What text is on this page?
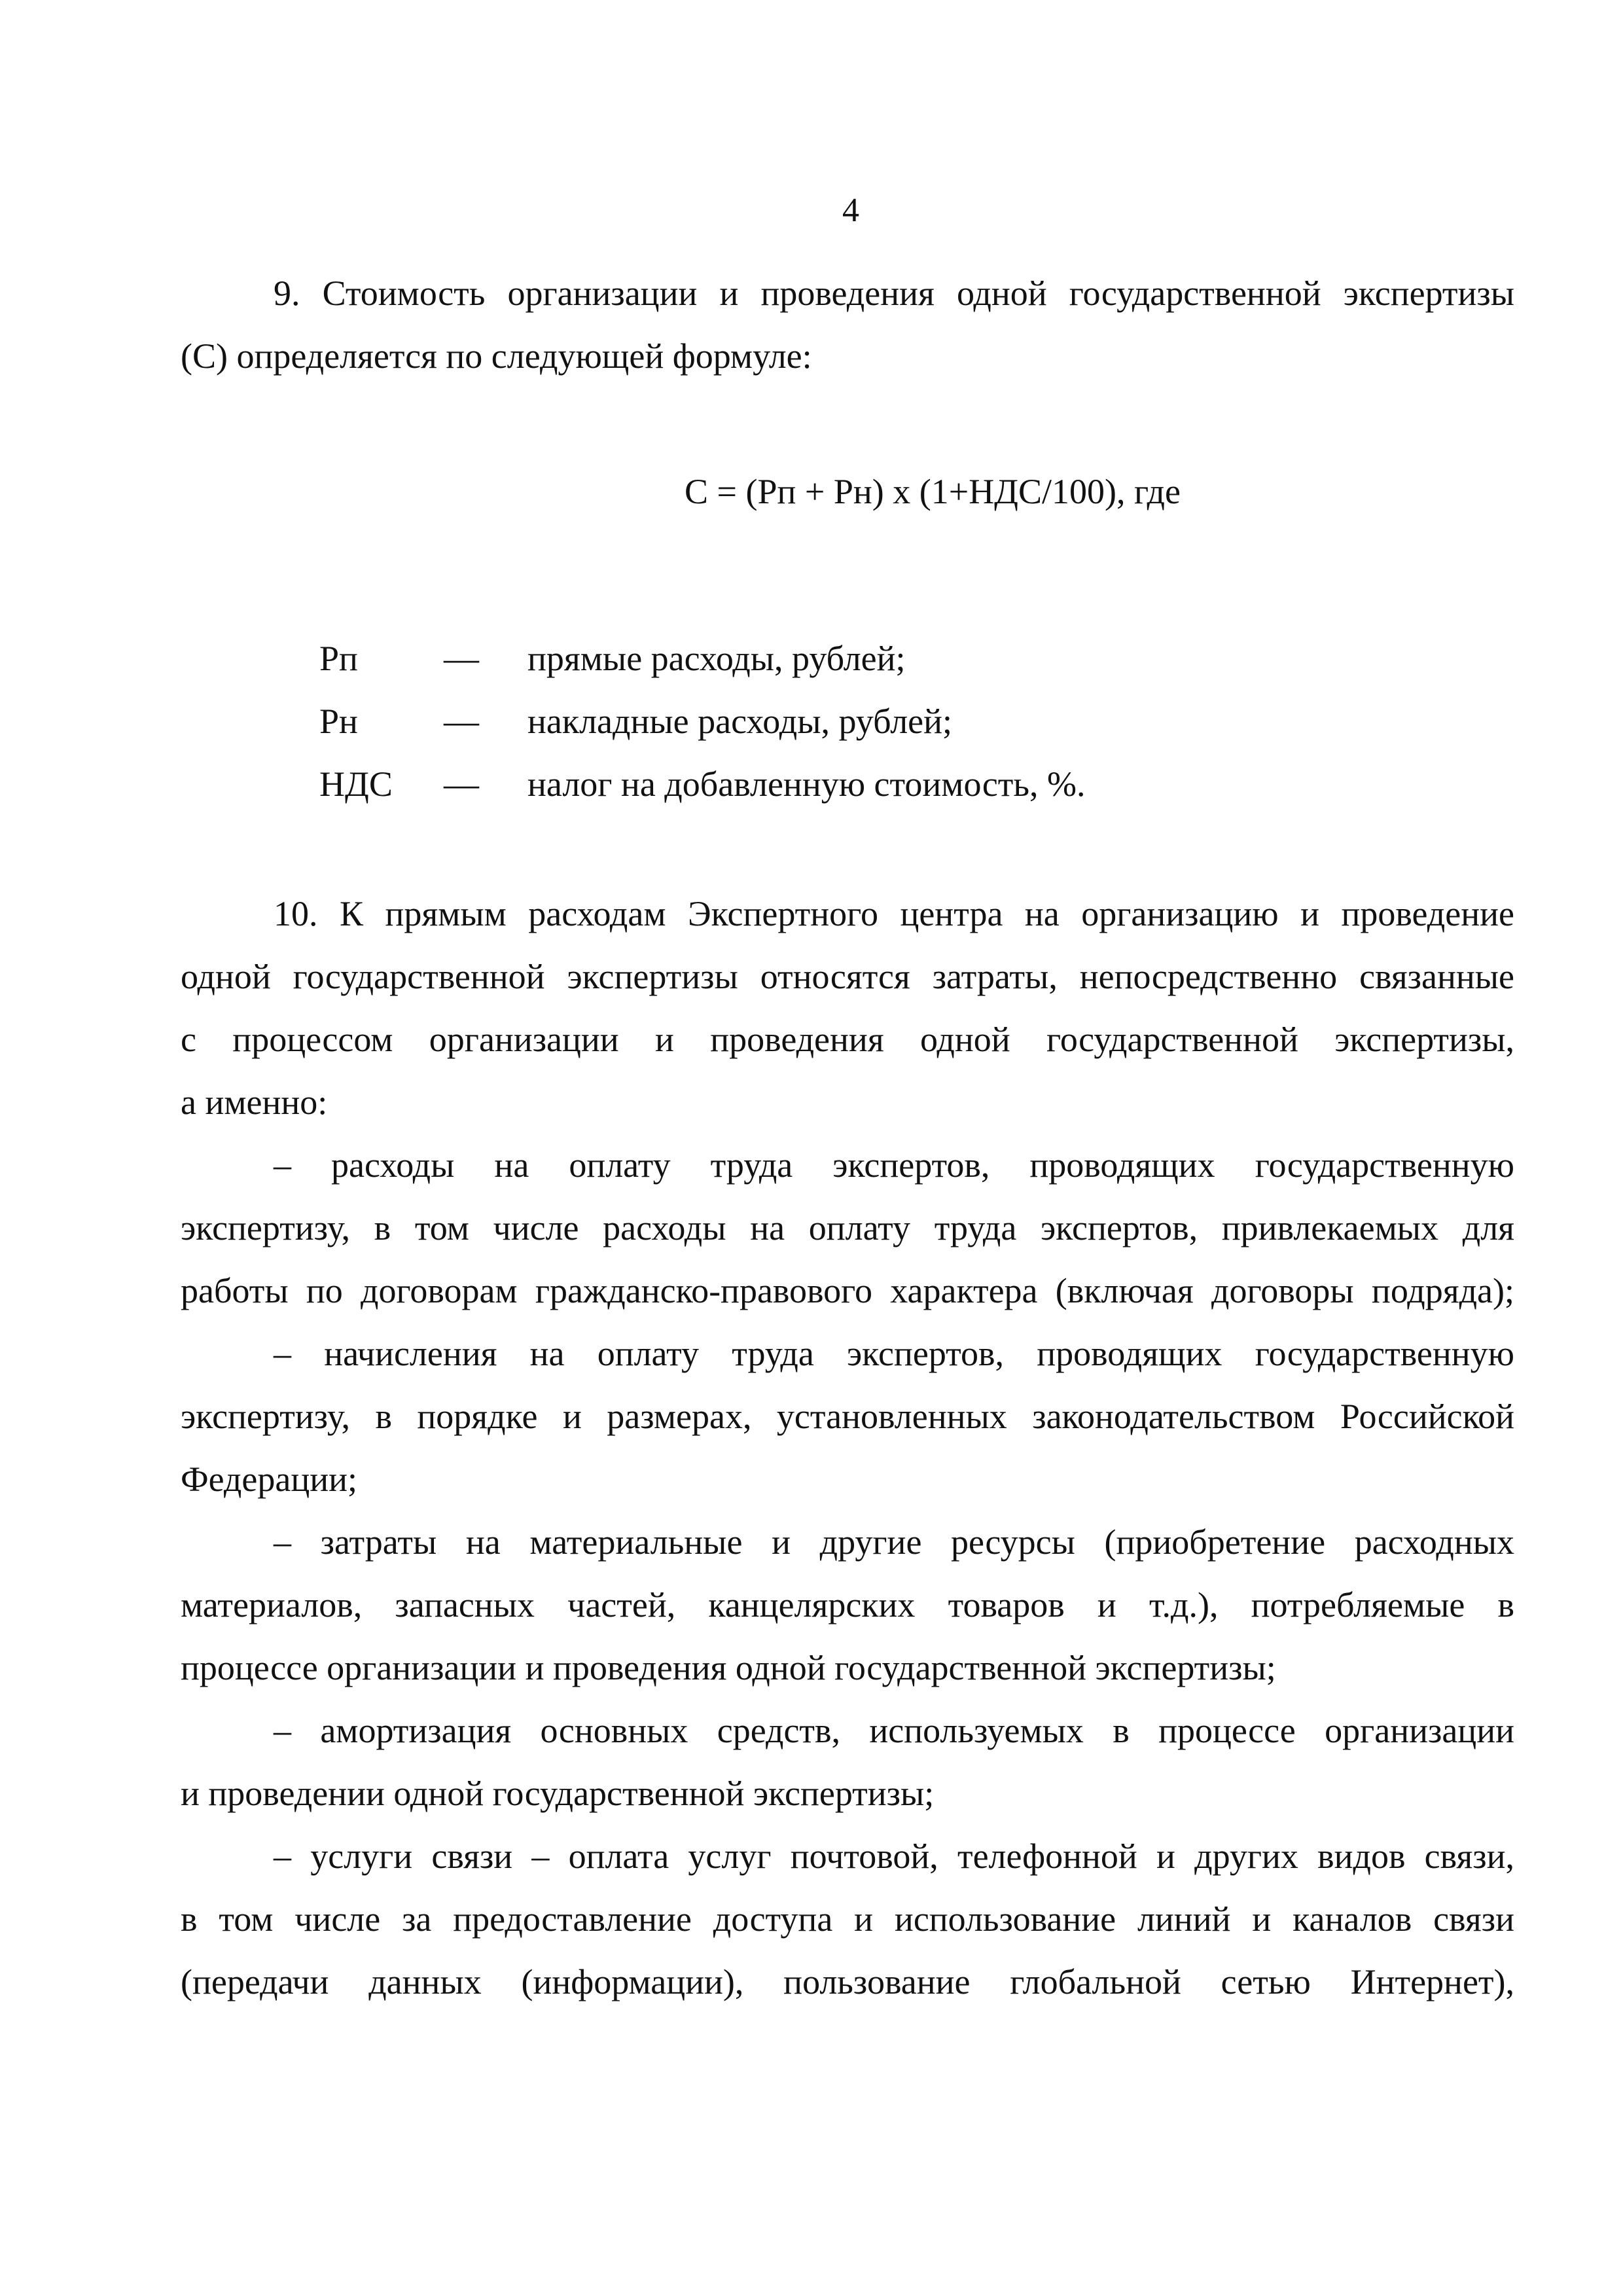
4
9. Стоимость организации и проведения одной государственной экспертизы
(С) определяется по следующей формуле:
С = (Рп + Рн) х (1+НДС/100), где
Рп — прямые расходы, рублей;
Рн — накладные расходы, рублей;
НДС — налог на добавленную стоимость, %.
10. К прямым расходам Экспертного центра на организацию и проведение
одной государственной экспертизы относятся затраты, непосредственно связанные
с процессом организации и проведения одной государственной экспертизы,
а именно:
– расходы на оплату труда экспертов, проводящих государственную
экспертизу, в том числе расходы на оплату труда экспертов, привлекаемых для
работы по договорам гражданско-правового характера (включая договоры подряда);
– начисления на оплату труда экспертов, проводящих государственную
экспертизу, в порядке и размерах, установленных законодательством Российской
Федерации;
– затраты на материальные и другие ресурсы (приобретение расходных
материалов, запасных частей, канцелярских товаров и т.д.), потребляемые в
процессе организации и проведения одной государственной экспертизы;
– амортизация основных средств, используемых в процессе организации
и проведении одной государственной экспертизы;
– услуги связи – оплата услуг почтовой, телефонной и других видов связи,
в том числе за предоставление доступа и использование линий и каналов связи
(передачи данных (информации), пользование глобальной сетью Интернет),
